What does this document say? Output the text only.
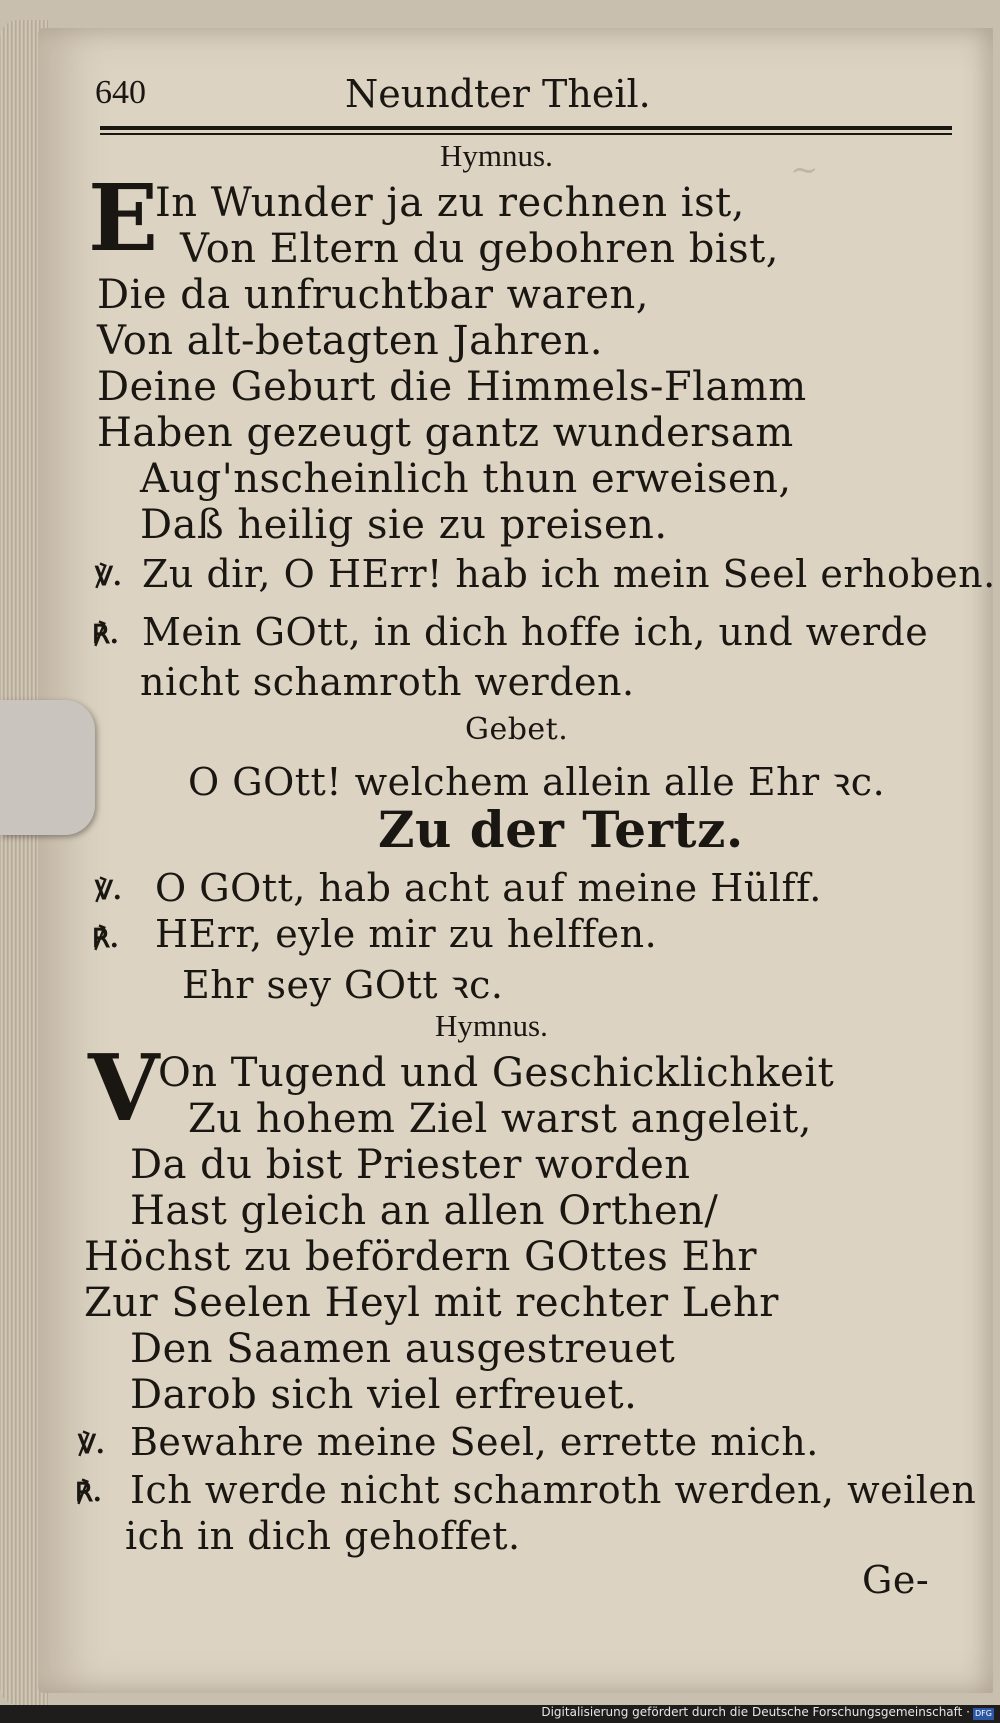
~
640	Neundter Theil.
Hymnus.
E
In Wunder ja zu rechnen ist,
Von Eltern du gebohren bist,
Die da unfruchtbar waren,
Von alt-betagten Jahren.
Deine Geburt die Himmels-Flamm
Haben gezeugt gantz wundersam
Aug'nscheinlich thun erweisen,
Daß heilig sie zu preisen.
℣. Zu dir, O HErr! hab ich mein Seel erhoben.
℟. Mein GOtt, in dich hoffe ich, und werde
nicht schamroth werden.
Gebet.
O GOtt! welchem allein alle Ehr ꝛc.
Zu der Tertz.
℣. O GOtt, hab acht auf meine Hülff.
℟. HErr, eyle mir zu helffen.
Ehr sey GOtt ꝛc.
Hymnus.
V
On Tugend und Geschicklichkeit
Zu hohem Ziel warst angeleit,
Da du bist Priester worden
Hast gleich an allen Orthen/
Höchst zu befördern GOttes Ehr
Zur Seelen Heyl mit rechter Lehr
Den Saamen ausgestreuet
Darob sich viel erfreuet.
℣. Bewahre meine Seel, errette mich.
℟. Ich werde nicht schamroth werden, weilen
ich in dich gehoffet.
Ge-
Digitalisierung gefördert durch die Deutsche Forschungsgemeinschaft · DFG
